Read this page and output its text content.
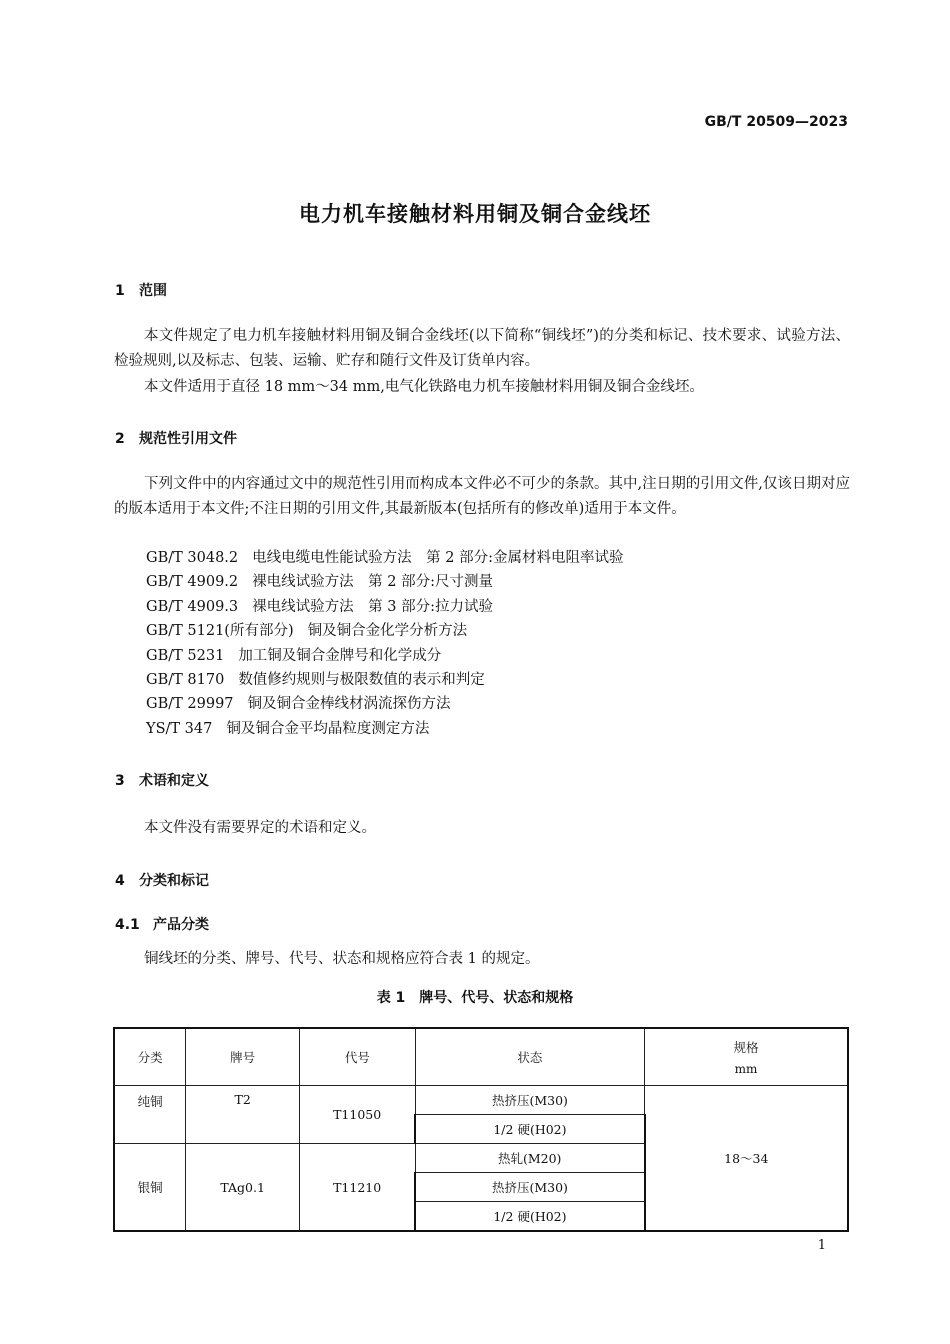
GB/T 20509—2023
电力机车接触材料用铜及铜合金线坯
1 范围
本文件规定了电力机车接触材料用铜及铜合金线坯(以下简称“铜线坯”)的分类和标记、技术要求、试验方法、检验规则,以及标志、包装、运输、贮存和随行文件及订货单内容。
本文件适用于直径 18 mm～34 mm,电气化铁路电力机车接触材料用铜及铜合金线坯。
2 规范性引用文件
下列文件中的内容通过文中的规范性引用而构成本文件必不可少的条款。其中,注日期的引用文件,仅该日期对应的版本适用于本文件;不注日期的引用文件,其最新版本(包括所有的修改单)适用于本文件。
GB/T 3048.2 电线电缆电性能试验方法　第 2 部分:金属材料电阻率试验
GB/T 4909.2 裸电线试验方法　第 2 部分:尺寸测量
GB/T 4909.3 裸电线试验方法　第 3 部分:拉力试验
GB/T 5121(所有部分) 铜及铜合金化学分析方法
GB/T 5231 加工铜及铜合金牌号和化学成分
GB/T 8170 数值修约规则与极限数值的表示和判定
GB/T 29997 铜及铜合金棒线材涡流探伤方法
YS/T 347 铜及铜合金平均晶粒度测定方法
3 术语和定义
本文件没有需要界定的术语和定义。
4 分类和标记
4.1 产品分类
铜线坯的分类、牌号、代号、状态和规格应符合表 1 的规定。
表 1　牌号、代号、状态和规格
分类	牌号	代号	状态	规格
mm

纯铜	T2	T11050	热挤压(M30)	18～34
			1/2 硬(H02)	
银铜	TAg0.1	T11210	热轧(M20)	
			热挤压(M30)	
			1/2 硬(H02)	
1
